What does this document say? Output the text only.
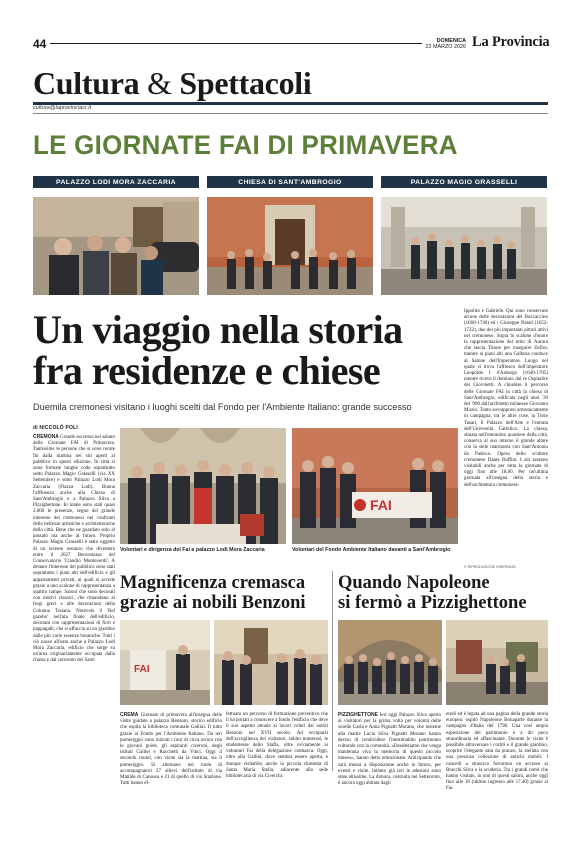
44	DOMENICA
22 MARZO 2026 La Provincia
Cultura & Spettacoli
cultura@laprovinciacr.it
LE GIORNATE FAI DI PRIMAVERA
PALAZZO LODI MORA ZACCARIA	CHIESA DI SANT'AMBROGIO	PALAZZO MAGIO GRASSELLI
Un viaggio nella storia
fra residenze e chiese
Duemila cremonesi visitano i luoghi scelti dal Fondo per l'Ambiente Italiano: grande successo
di NICCOLÒ POLI
CREMONA Grande successo nel sabato delle Giornate FAI di Primavera. Tantissime le persone che si sono recate fin dalla mattina nei siti aperti al pubblico in questi edizione. In città si sono formate lunghe code soprattutto sotto Palazzo Magio Grasselli (via XX Settembre) e sotto Palazzo Lodi Mora Zaccaria (Piazza Lodi). Buona l'affluenza anche alla Chiesa di Sant'Ambrogio e a Palazzo Silva a Pizzighettone. In totale sono stati quasi 2.000 le presenze, segno del grande interesse dei cremonesi nei confronti delle bellezze artistiche e architettoniche della città. Bene che ne guardato solo al passato ma anche al futuro. Proprio Palazzo Magio Grasselli è stato oggetto di un recente restauro che diventerà entro il 2027 Benvenzasa del Conservatorio 'Claudio Monteverdi'. A destare l'interesse del pubblico sono stati soprattutto i piani alti dell'edificio e gli appartamenti privati, ai quali si accede grazie a uno scalone di rappresentanza a quattro rampe. Saloni che sono decorati con motivi classici, che rimandano ai fregi greci e alle decorazioni della Colonna Traiana. Notevole il 'Bel gazebo' nell'ala finale dell'edificio, decorato con rappresentazioni di fiori e pappagalli, che si affaccia su un giardino dalle più varie essenze botaniche. Tutti i ciò nasce all'ustu anche a Palazzo Lodi Mora Zaccaria, edificio che sorge su un'area originariamente occupata dalla chiesa e dal convento dei Santi
FAI
Volontari e dirigenza del Fai a palazzo Lodi Mora Zaccaria	Volontari del Fondo Ambiente Italiano davanti a Sant'Ambrogio
Ippolito e Gabriele. Qui sono conservate alcune delle decorazioni del Boccaccino (1660-1740) ed i Giuseppe Natali (1652-1722), due dei più importanti pittori attivi nel cremonese. Sopra lo scalone d'onore la rappresentazione del mito di Aurora che lascia Titone per inseguire Zefiro, mentre ai piani alti una Galleria conduce al Salone dell'Imperatore. Luogo nel quale si trova l'affresco dell'imperatore Leopoldo I d'Asburgo (1640-1705) mentre riceve il dominio dal re Ospitalire dei Giovinetti. A chiudere il percorso delle Giornate FAI in città la chiesa di Sant'Ambrogio, edificata negli anni '30 del '900 dall'architetto milanese Giovanni Muzio. Tanto sovrapporsi armonicamente in campagna, tra le altre cose, la Torre Tasari, il Palazzo dell'Arte e l'entrata dell'Università Cattolica. La chiesa, situata nell'omonimo quartiere della città, conserva al suo interno il grande altare con la stele marmorea con Sant'Antonio da Padova. Opera dello scultore cremonese Dante Ruffini. I siti saranno visitabili anche per tutta la giornata di oggi fino alle 18.00. Per un'ultima giornata all'insegna della storia e dell'architettura cremonese.
© RIPRODUZIONE RISERVATA
Magnificenza cremasca
grazie ai nobili Benzoni
FAI
CREMA Giornate di primavera all'insegna delle visite guidate a palazzo Benzoni, storico edificio che ospita la biblioteca comunale Gallini. Il tutto grazie al Fondo per l'Ambiente Italiano. Da ieri pomeriggio sono iniziati i tour di circa un'ora con le giovani guide, gli aspiranti ciceroni, degli istituti Galilei e Racchetti da Vinci. Oggi il secondo round, con visite sia la mattina, sia il pomeriggio. Si alternano nel ruolo di accompagnatori 27 allievi dell'istituto di via Matilde di Canossa e 21 di quello di via Stazione. Tutti hanno ef-
fettuato un percorso di formazione preventivo che li ha portati a conoscere a fondo l'edificio che deve il suo aspetto attuale ai lavori voluti dai nobili Benzoni nel XVII secolo. Ad occuparsi dell'accoglienza dei visitatori, subito numerosi, le studentesse dello Stafla, oltre ovviamente ai volontari Fai della delegazione cremasca. Oggi, oltre alla Gallini, dove sembra essere aperta, e dunque visitabile, anche la piccola chiesetta di Santa Maria Stella, adiacente alla sede bibliotecaria di via Civerchi.
Quando Napoleone
si fermò a Pizzighettone
PIZZIGHETTONE Ieri oggi Palazzo Silva aperto ai visitatori per la prima volta per volontà delle sorelle Carla e Anna Pignatti Morano, che insieme alla madre Lucia Silva Pignatti Morano hanno deciso di condividere l'inestimabile patrimonio culturale con la comunità. «Desideriamo che venga mantenuta viva la memoria di questo piccolo museo», hanno detto emozionate. Anticipando che sarà messa a disposizione anche in futuro, per eventi e visite. Intanto già ieri le adesioni sono state altissime. La dimora, costruita nel Settecento, è ancora oggi abitata dagli
eredi ed è legata ad una pagina della grande storia europea: ospitò Napoleone Bonaparte durante la campagna d'Italia del 1796. Una così ampia esposizione del patrimonio è a dir poco straordinaria ed affascinante. Durante le visite è possibile attraversare i cortili e il grande giardino, scoprire l'elegante sala da pranzo, la stellata con una preziosa collezione di antichi mobili. I cancelli a strascico fornirono un accesso ai Bracchi Silva e la scuderia. Tra i grandi nomi che hanno visitato, in uno di questi saloni, anche oggi fino alle 18 (ultimo ingresso alle 17.40) grazie al Fai.
